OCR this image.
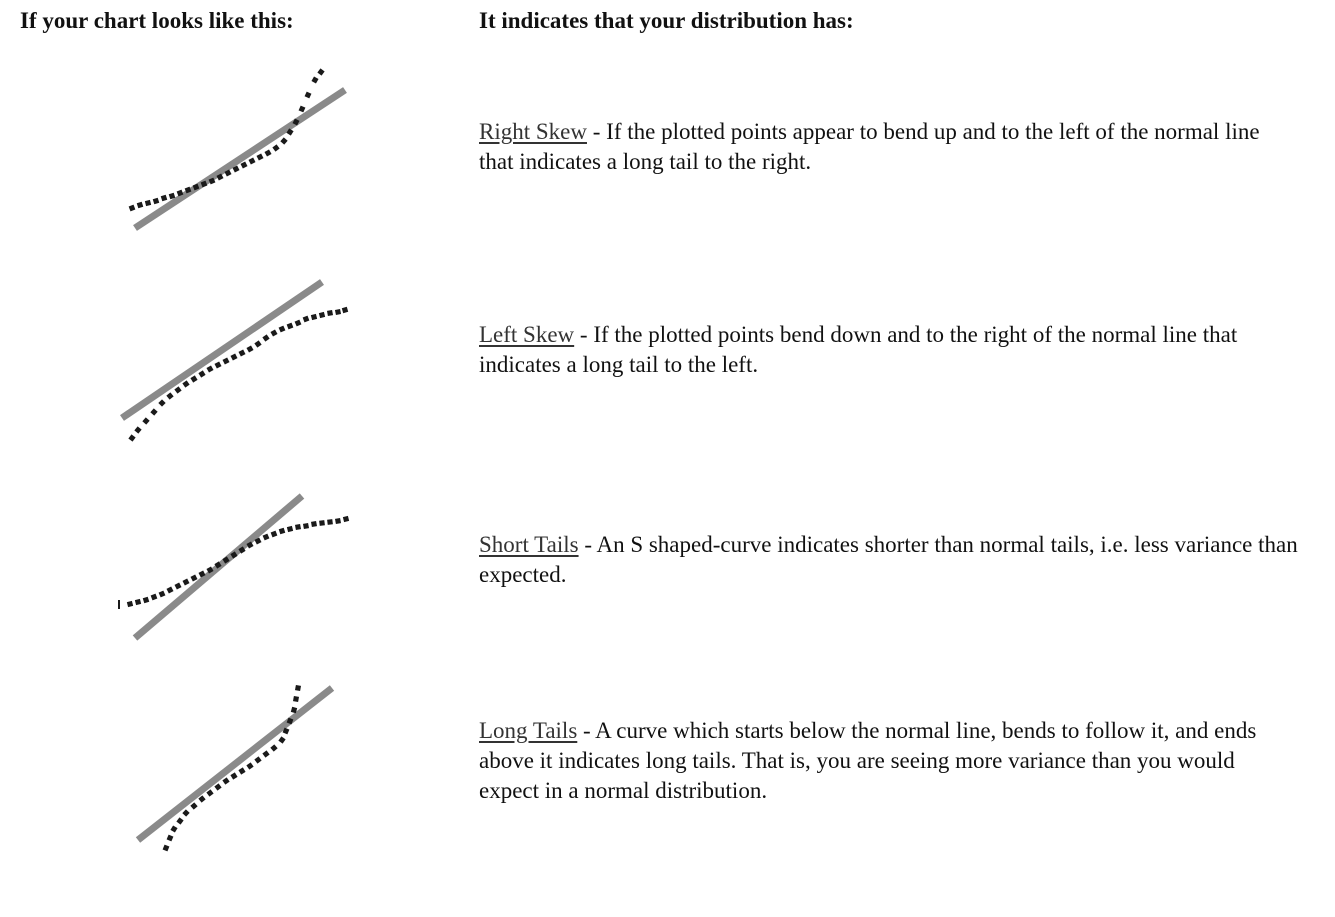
If your chart looks like this:	It indicates that your distribution has:
Right Skew - If the plotted points appear to bend up and to the left of the normal line that indicates a long tail to the right.
Left Skew - If the plotted points bend down and to the right of the normal line that indicates a long tail to the left.
Short Tails - An S shaped-curve indicates shorter than normal tails, i.e. less variance than expected.
Long Tails - A curve which starts below the normal line, bends to follow it, and ends above it indicates long tails. That is, you are seeing more variance than you would expect in a normal distribution.
